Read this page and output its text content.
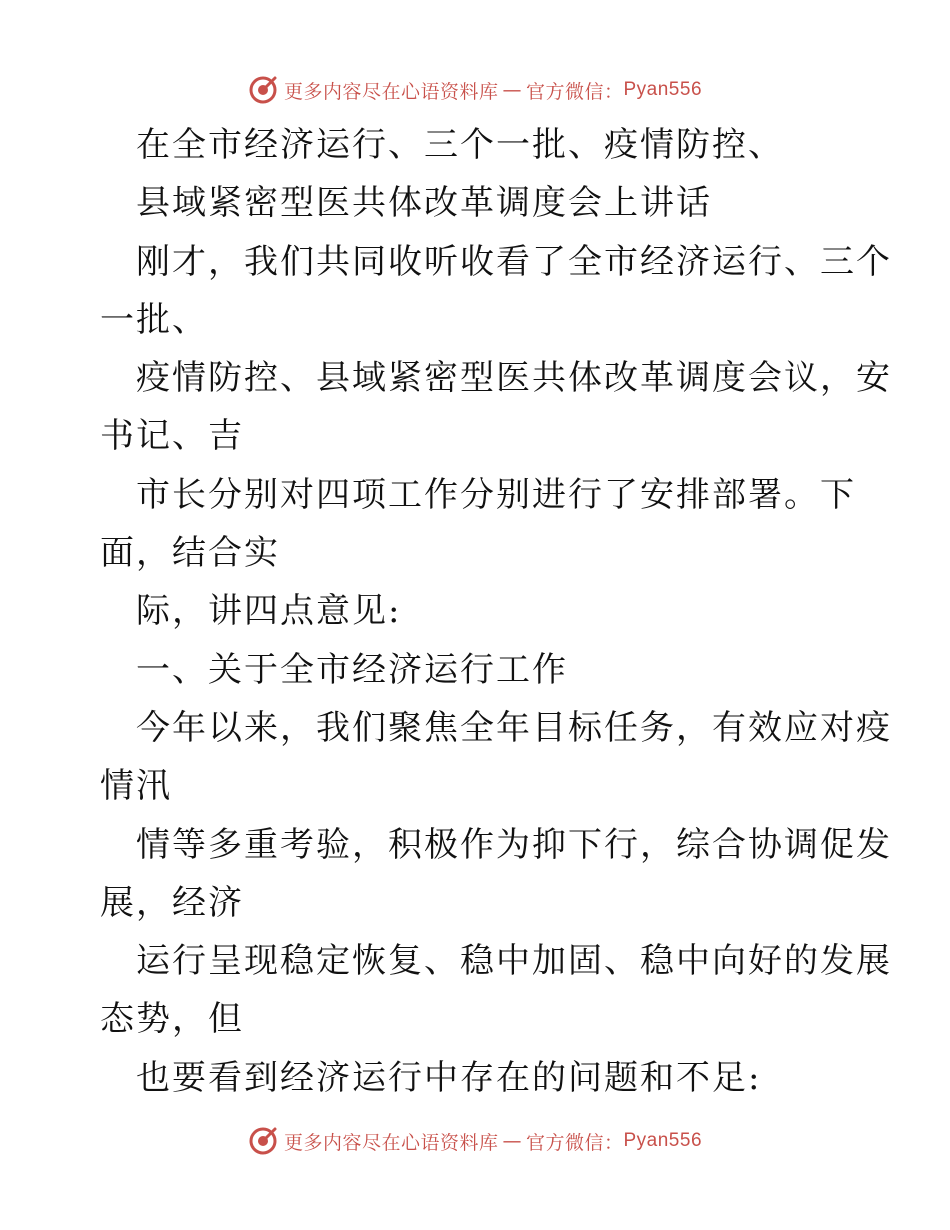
更多内容尽在心语资料库 — 官方微信： Pyan556
在全市经济运行、三个一批、疫情防控、
县域紧密型医共体改革调度会上讲话
刚才，我们共同收听收看了全市经济运行、三个
一批、
疫情防控、县域紧密型医共体改革调度会议，安
书记、吉
市长分别对四项工作分别进行了安排部署。下
面，结合实
际，讲四点意见:
一、关于全市经济运行工作
今年以来，我们聚焦全年目标任务，有效应对疫
情汛
情等多重考验，积极作为抑下行，综合协调促发
展，经济
运行呈现稳定恢复、稳中加固、稳中向好的发展
态势，但
也要看到经济运行中存在的问题和不足:
更多内容尽在心语资料库 — 官方微信： Pyan556
